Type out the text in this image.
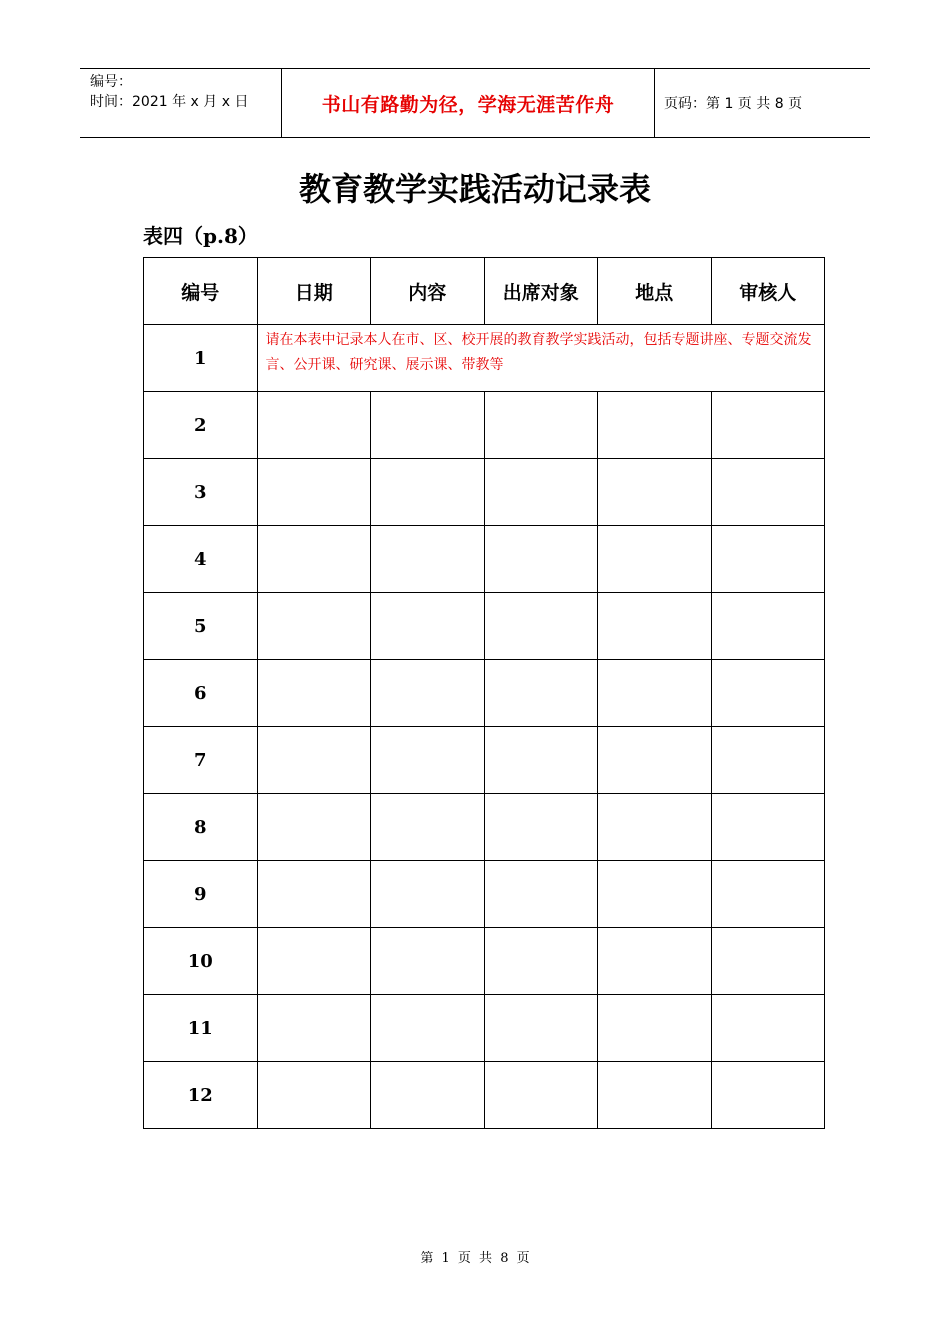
编号：
时间：2021 年 x 月 x 日	书山有路勤为径，学海无涯苦作舟	页码：第 1 页 共 8 页
教育教学实践活动记录表
表四（p.8）
编号	日期	内容	出席对象	地点	审核人
1	请在本表中记录本人在市、区、校开展的教育教学实践活动，包括专题讲座、专题交流发言、公开课、研究课、展示课、带教等				
2					
3					
4					
5					
6					
7					
8					
9					
10					
11					
12					
第 1 页 共 8 页
